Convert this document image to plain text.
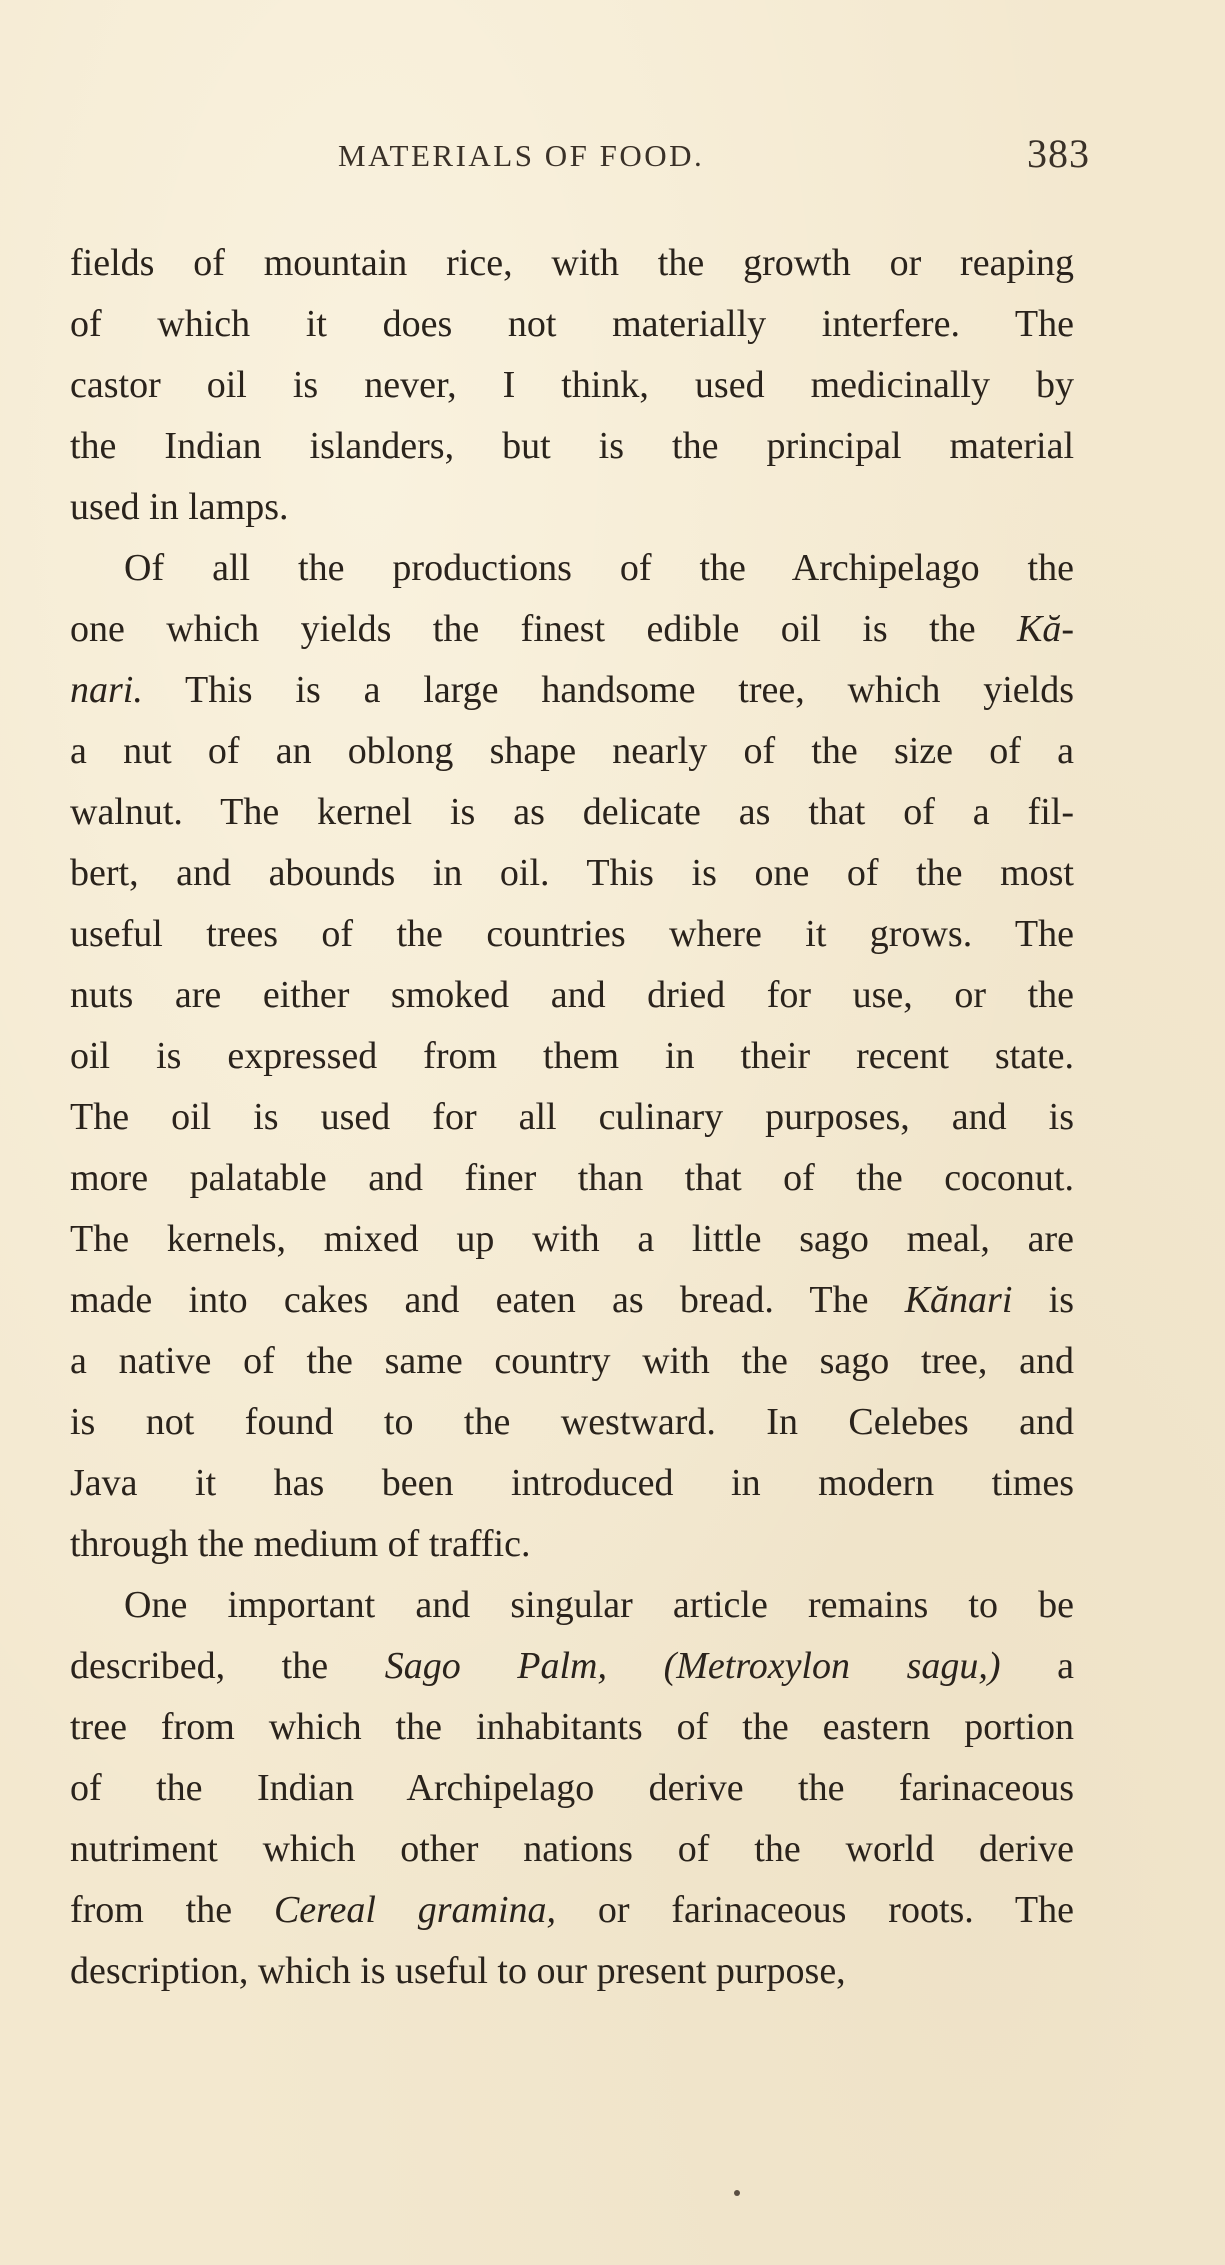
MATERIALS OF FOOD.	383

fields of mountain rice, with the growth or reaping
of which it does not materially interfere. The
castor oil is never, I think, used medicinally by
the Indian islanders, but is the principal material
used in lamps.

Of all the productions of the Archipelago the
one which yields the finest edible oil is the Kă-
nari. This is a large handsome tree, which yields
a nut of an oblong shape nearly of the size of a
walnut. The kernel is as delicate as that of a fil-
bert, and abounds in oil. This is one of the most
useful trees of the countries where it grows. The
nuts are either smoked and dried for use, or the
oil is expressed from them in their recent state.
The oil is used for all culinary purposes, and is
more palatable and finer than that of the coconut.
The kernels, mixed up with a little sago meal, are
made into cakes and eaten as bread. The Kănari is
a native of the same country with the sago tree, and
is not found to the westward. In Celebes and
Java it has been introduced in modern times
through the medium of traffic.

One important and singular article remains to be
described, the Sago Palm, (Metroxylon sagu,) a
tree from which the inhabitants of the eastern portion
of the Indian Archipelago derive the farinaceous
nutriment which other nations of the world derive
from the Cereal gramina, or farinaceous roots. The
description, which is useful to our present purpose,
